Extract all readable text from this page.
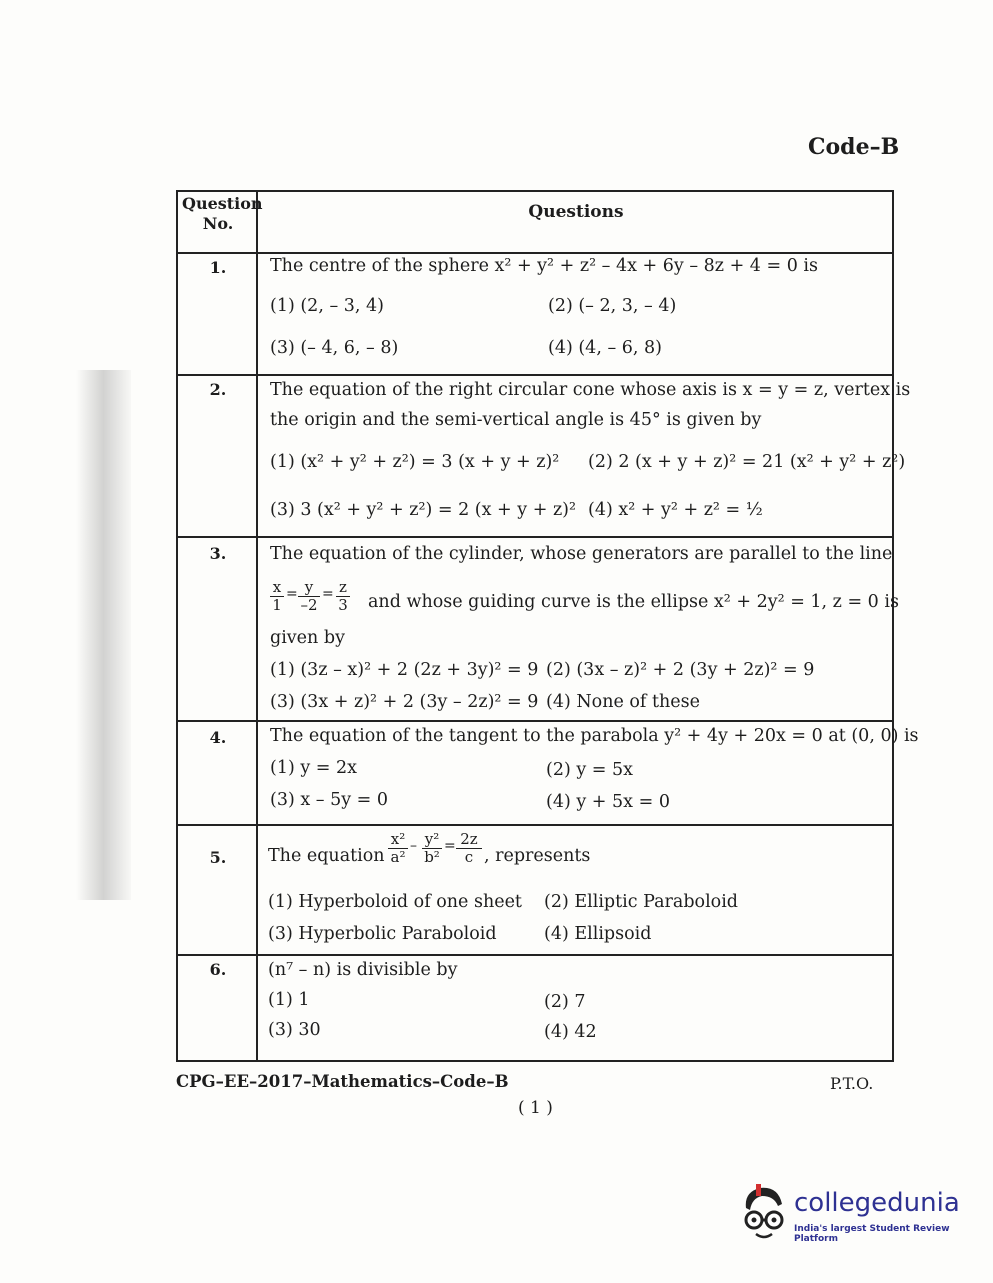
Code–B
Question No.
Questions
1.	The centre of the sphere x² + y² + z² – 4x + 6y – 8z + 4 = 0 is
(1) (2, – 3, 4)	(2) (– 2, 3, – 4)
(3) (– 4, 6, – 8)	(4) (4, – 6, 8)
2.	The equation of the right circular cone whose axis is x = y = z, vertex is
the origin and the semi-vertical angle is 45° is given by
(1) (x² + y² + z²) = 3 (x + y + z)² (2) 2 (x + y + z)² = 21 (x² + y² + z²)
(3) 3 (x² + y² + z²) = 2 (x + y + z)² (4) x² + y² + z² = ½
3.	The equation of the cylinder, whose generators are parallel to the line
x
1
= y
–2
= z
3 and whose guiding curve is the ellipse x² + 2y² = 1, z = 0 is
given by
(1) (3z – x)² + 2 (2z + 3y)² = 9 (2) (3x – z)² + 2 (3y + 2z)² = 9
(3) (3x + z)² + 2 (3y – 2z)² = 9 (4) None of these
4.	The equation of the tangent to the parabola y² + 4y + 20x = 0 at (0, 0) is
(1) y = 2x	(2) y = 5x
(3) x – 5y = 0	(4) y + 5x = 0
5.	The equation
x²
a²
– y²
b²
= 2z
c , represents
(1) Hyperboloid of one sheet (2) Elliptic Paraboloid
(3) Hyperbolic Paraboloid	(4) Ellipsoid
6.	(n⁷ – n) is divisible by
(1) 1	(2) 7
(3) 30	(4) 42
CPG–EE–2017–Mathematics–Code–B	P.T.O.
( 1 )
collegedunia
India's largest Student Review Platform
